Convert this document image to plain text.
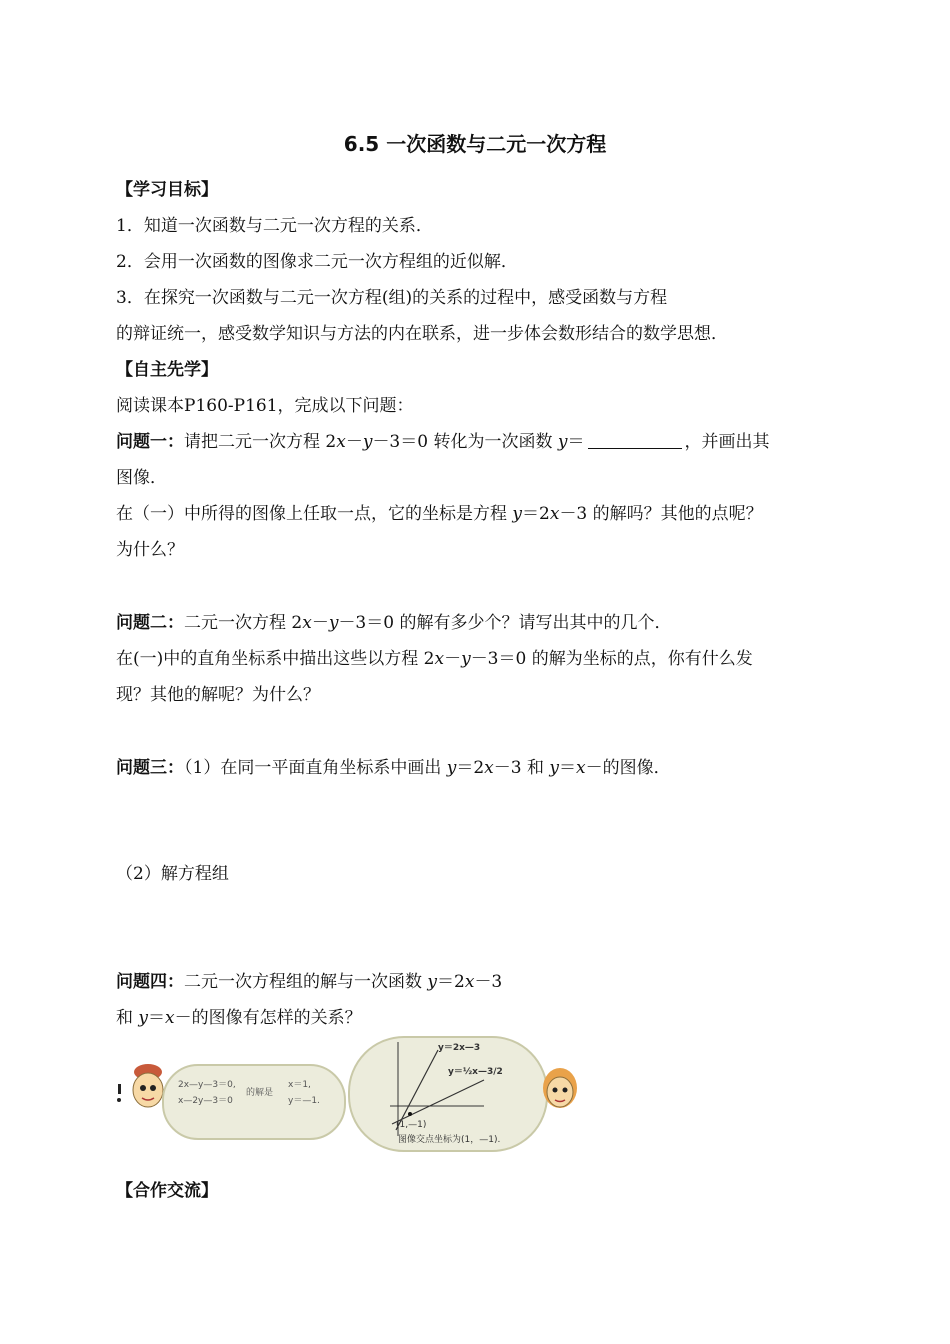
6.5 一次函数与二元一次方程
【学习目标】
1．知道一次函数与二元一次方程的关系．
2．会用一次函数的图像求二元一次方程组的近似解．
3．在探究一次函数与二元一次方程(组)的关系的过程中，感受函数与方程
的辩证统一，感受数学知识与方法的内在联系，进一步体会数形结合的数学思想．
【自主先学】
阅读课本P160-P161，完成以下问题：
问题一：请把二元一次方程 2x－y－3＝0 转化为一次函数 y＝	，并画出其
图像．
在（一）中所得的图像上任取一点，它的坐标是方程 y＝2x－3 的解吗？其他的点呢？
为什么？
问题二：二元一次方程 2x－y－3＝0 的解有多少个？请写出其中的几个．
在(一)中的直角坐标系中描出这些以方程 2x－y－3＝0 的解为坐标的点，你有什么发
现？其他的解呢？为什么？
问题三：（1）在同一平面直角坐标系中画出 y＝2x－3 和 y＝x－的图像．
（2）解方程组
问题四：二元一次方程组的解与一次函数 y＝2x－3
和 y＝x－的图像有怎样的关系？
2x—y—3＝0,
x—2y—3＝0
的解是
x＝1,
y＝—1.
y＝2x—3
y＝½x—3/2
(1,—1)
图像交点坐标为(1，—1).
【合作交流】
